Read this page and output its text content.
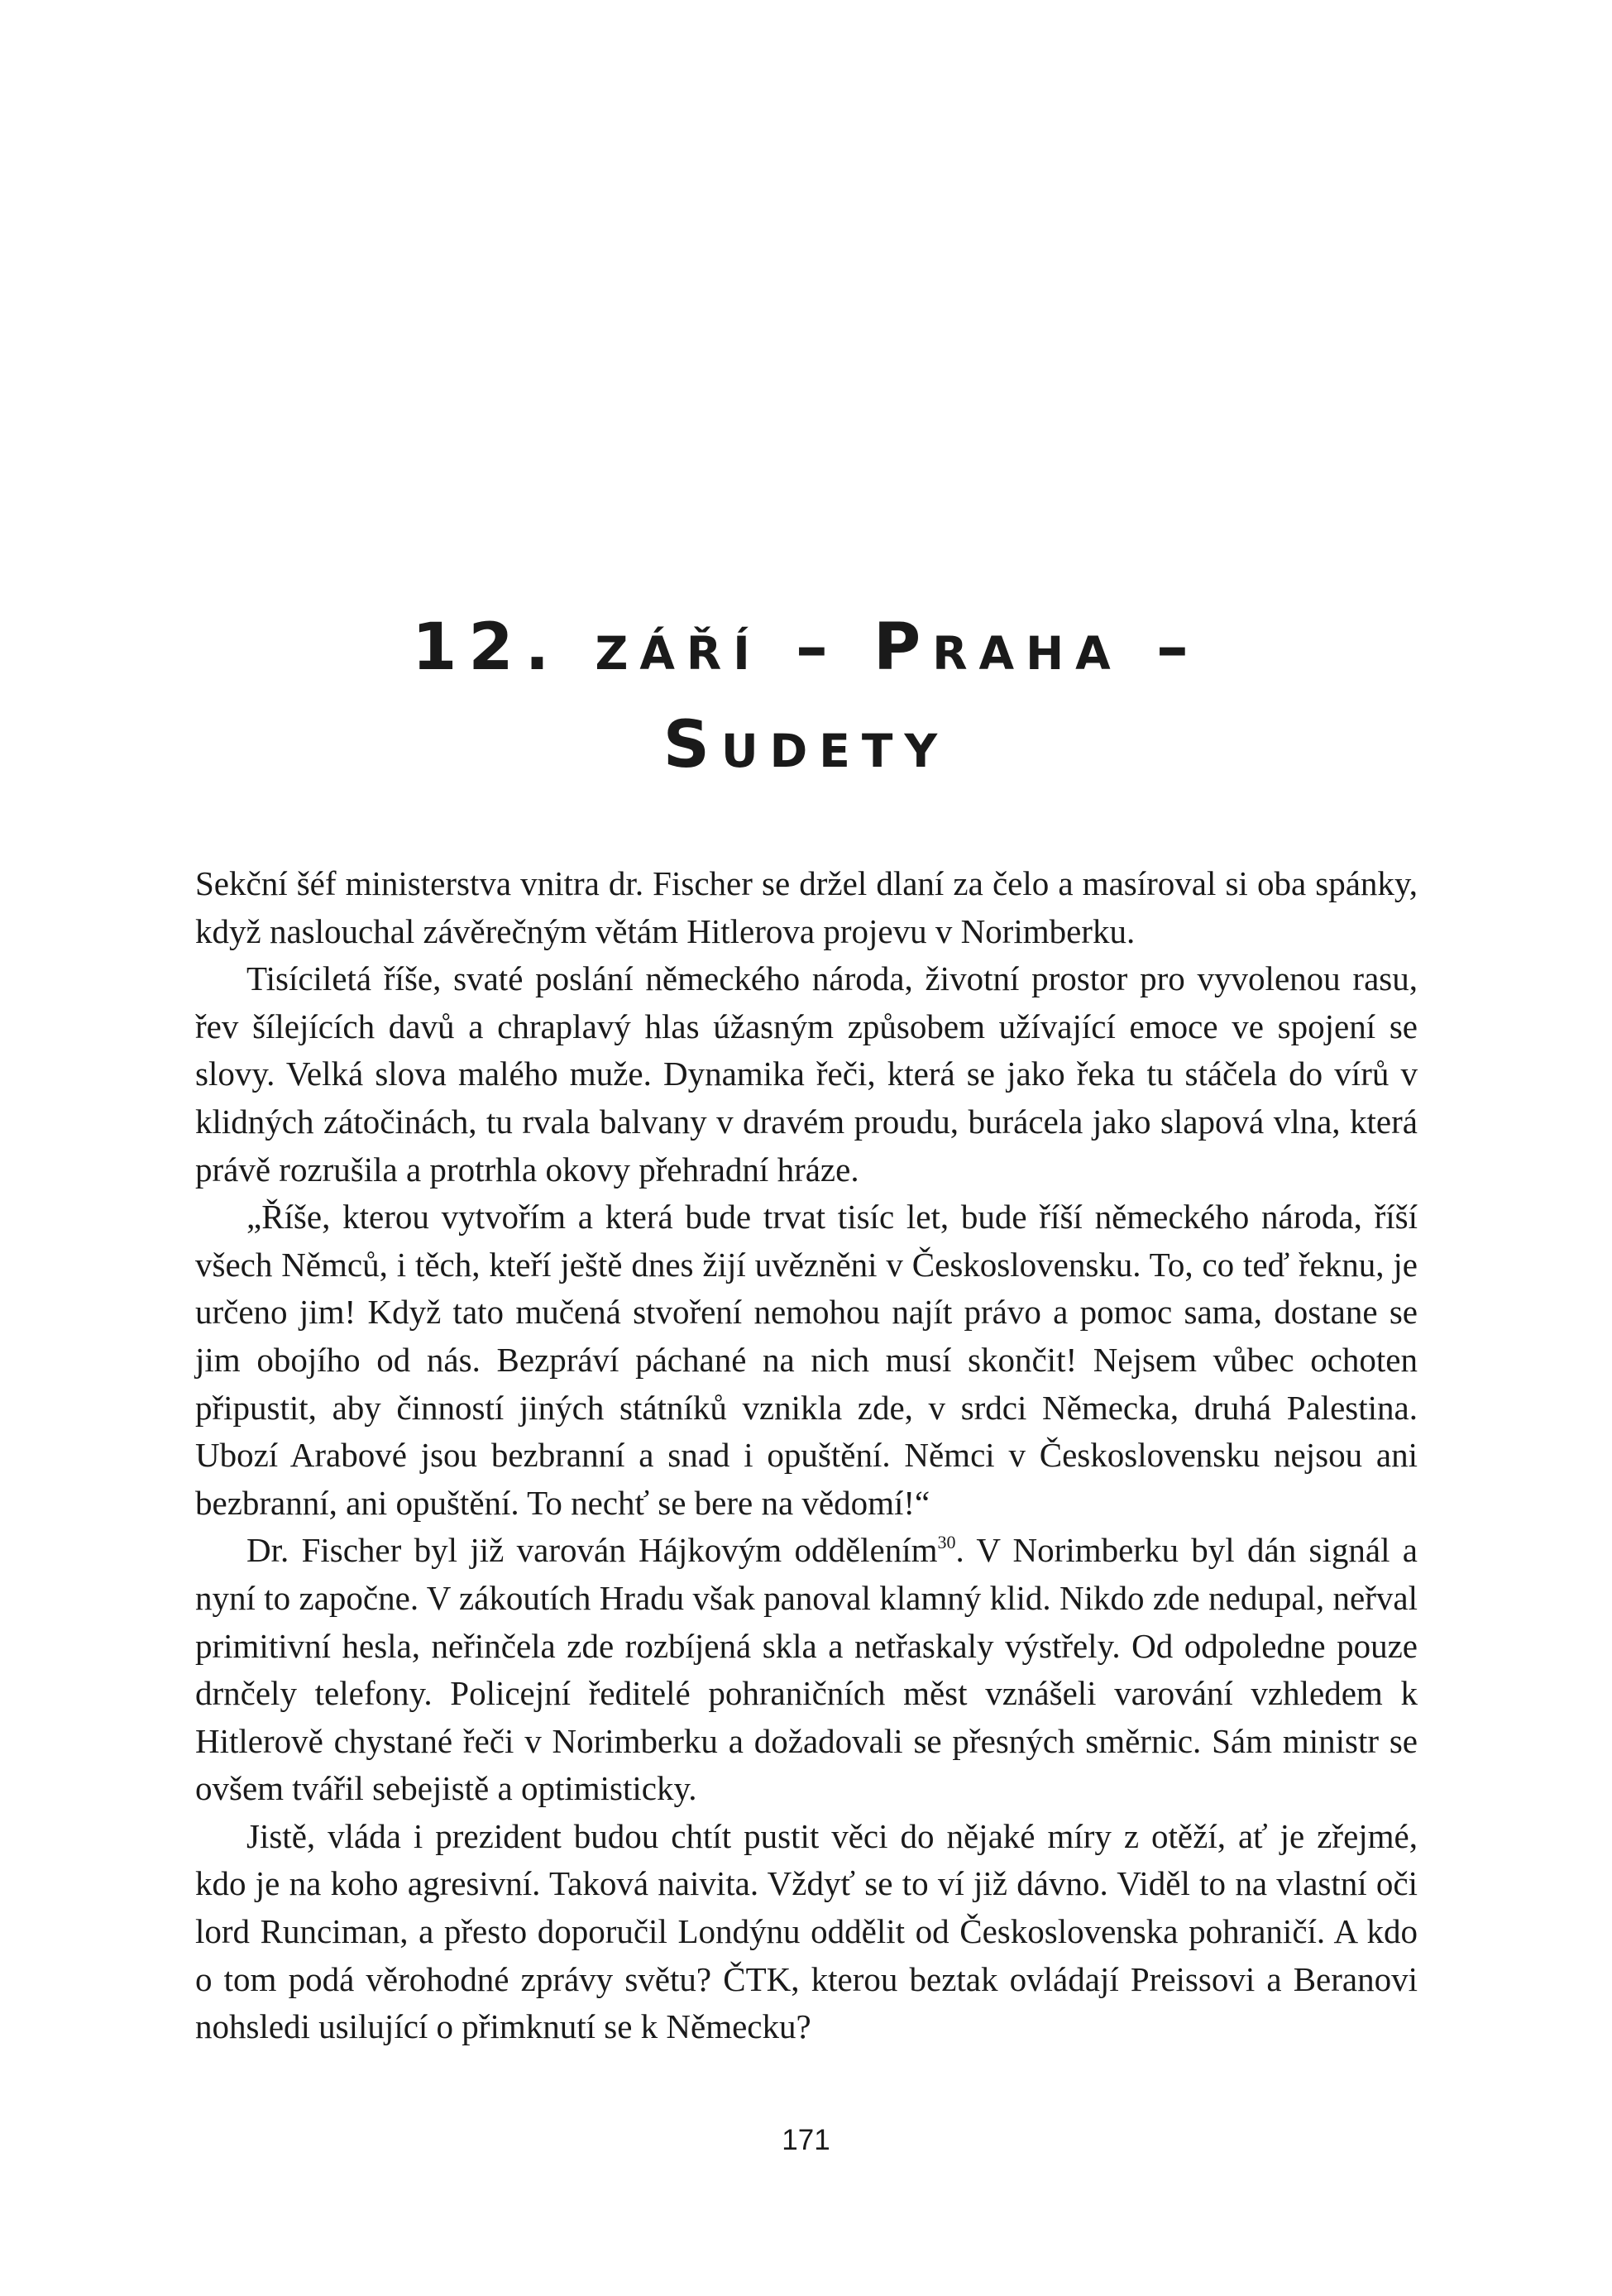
12. září – Praha –
Sudety

Sekční šéf ministerstva vnitra dr. Fischer se držel dlaní za čelo a masíroval si oba spánky, když naslouchal závěrečným větám Hitlerova projevu v Norimberku.

Tisíciletá říše, svaté poslání německého národa, životní prostor pro vyvolenou rasu, řev šílejících davů a chraplavý hlas úžasným způsobem užívající emoce ve spojení se slovy. Velká slova malého muže. Dynamika řeči, která se jako řeka tu stáčela do vírů v klidných zátočinách, tu rvala balvany v dravém proudu, burácela jako slapová vlna, která právě rozrušila a protrhla okovy přehradní hráze.

„Říše, kterou vytvořím a která bude trvat tisíc let, bude říší německého národa, říší všech Němců, i těch, kteří ještě dnes žijí uvězněni v Československu. To, co teď řeknu, je určeno jim! Když tato mučená stvoření nemohou najít právo a pomoc sama, dostane se jim obojího od nás. Bezpráví páchané na nich musí skončit! Nejsem vůbec ochoten připustit, aby činností jiných státníků vznikla zde, v srdci Německa, druhá Palestina. Ubozí Arabové jsou bezbranní a snad i opuštění. Němci v Československu nejsou ani bezbranní, ani opuštění. To nechť se bere na vědomí!“

Dr. Fischer byl již varován Hájkovým oddělením$^{30}$. V Norimberku byl dán signál a nyní to započne. V zákoutích Hradu však panoval klamný klid. Nikdo zde nedupal, neřval primitivní hesla, neřinčela zde rozbíjená skla a netřaskaly výstřely. Od odpoledne pouze drnčely telefony. Policejní ředitelé pohraničních měst vznášeli varování vzhledem k Hitlerově chystané řeči v Norimberku a dožadovali se přesných směrnic. Sám ministr se ovšem tvářil sebejistě a optimisticky.

Jistě, vláda i prezident budou chtít pustit věci do nějaké míry z otěží, ať je zřejmé, kdo je na koho agresivní. Taková naivita. Vždyť se to ví již dávno. Viděl to na vlastní oči lord Runciman, a přesto doporučil Londýnu oddělit od Československa pohraničí. A kdo o tom podá věrohodné zprávy světu? ČTK, kterou beztak ovládají Preissovi a Beranovi nohsledi usilující o přimknutí se k Německu?

171
